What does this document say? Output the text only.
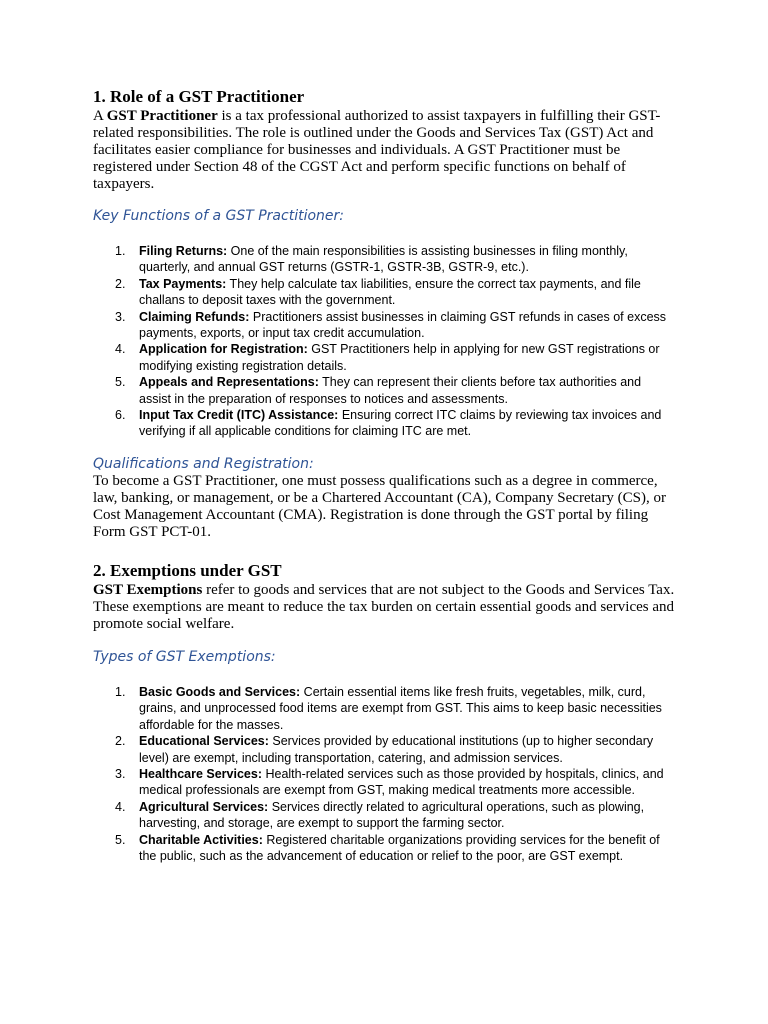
1. Role of a GST Practitioner

A GST Practitioner is a tax professional authorized to assist taxpayers in fulfilling their GST-related responsibilities. The role is outlined under the Goods and Services Tax (GST) Act and facilitates easier compliance for businesses and individuals. A GST Practitioner must be registered under Section 48 of the CGST Act and perform specific functions on behalf of taxpayers.

Key Functions of a GST Practitioner:
1. Filing Returns: One of the main responsibilities is assisting businesses in filing monthly, quarterly, and annual GST returns (GSTR-1, GSTR-3B, GSTR-9, etc.).
2. Tax Payments: They help calculate tax liabilities, ensure the correct tax payments, and file challans to deposit taxes with the government.
3. Claiming Refunds: Practitioners assist businesses in claiming GST refunds in cases of excess payments, exports, or input tax credit accumulation.
4. Application for Registration: GST Practitioners help in applying for new GST registrations or modifying existing registration details.
5. Appeals and Representations: They can represent their clients before tax authorities and assist in the preparation of responses to notices and assessments.
6. Input Tax Credit (ITC) Assistance: Ensuring correct ITC claims by reviewing tax invoices and verifying if all applicable conditions for claiming ITC are met.
Qualifications and Registration:

To become a GST Practitioner, one must possess qualifications such as a degree in commerce, law, banking, or management, or be a Chartered Accountant (CA), Company Secretary (CS), or Cost Management Accountant (CMA). Registration is done through the GST portal by filing Form GST PCT-01.

2. Exemptions under GST

GST Exemptions refer to goods and services that are not subject to the Goods and Services Tax. These exemptions are meant to reduce the tax burden on certain essential goods and services and promote social welfare.

Types of GST Exemptions:
1. Basic Goods and Services: Certain essential items like fresh fruits, vegetables, milk, curd, grains, and unprocessed food items are exempt from GST. This aims to keep basic necessities affordable for the masses.
2. Educational Services: Services provided by educational institutions (up to higher secondary level) are exempt, including transportation, catering, and admission services.
3. Healthcare Services: Health-related services such as those provided by hospitals, clinics, and medical professionals are exempt from GST, making medical treatments more accessible.
4. Agricultural Services: Services directly related to agricultural operations, such as plowing, harvesting, and storage, are exempt to support the farming sector.
5. Charitable Activities: Registered charitable organizations providing services for the benefit of the public, such as the advancement of education or relief to the poor, are GST exempt.
